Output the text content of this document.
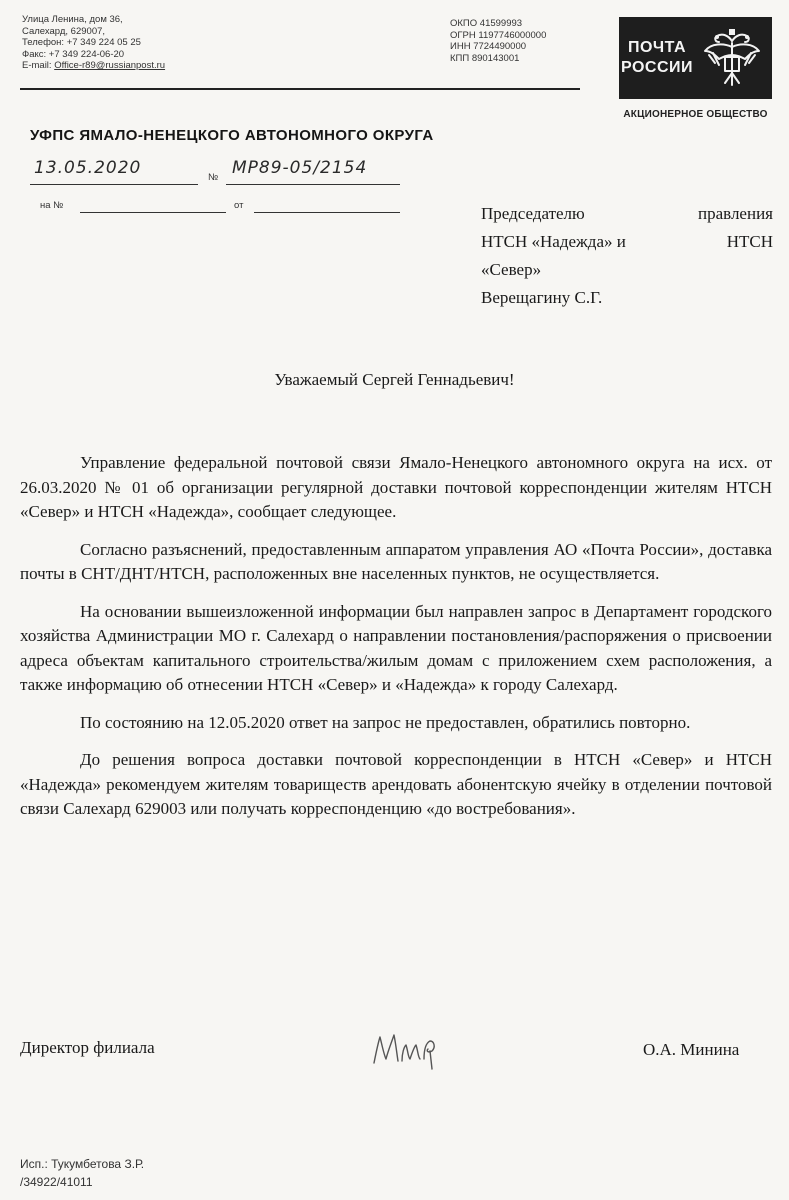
Улица Ленина, дом 36,
Салехард, 629007,
Телефон: +7 349 224 05 25
Факс: +7 349 224-06-20
E-mail: Office-r89@russianpost.ru
ОКПО 41599993
ОГРН 1197746000000
ИНН 7724490000
КПП 890143001
ПОЧТА
РОССИИ
АКЦИОНЕРНОЕ ОБЩЕСТВО
УФПС ЯМАЛО-НЕНЕЦКОГО АВТОНОМНОГО ОКРУГА
13.05.2020	№ МР89-05/2154
на №	от	Председателю	правления
НТСН «Надежда» и	НТСН
«Север»
Верещагину С.Г.
Уважаемый Сергей Геннадьевич!

Управление федеральной почтовой связи Ямало-Ненецкого автономного округа на исх. от 26.03.2020 № 01 об организации регулярной доставки почтовой корреспонденции жителям НТСН «Север» и НТСН «Надежда», сообщает следующее.

Согласно разъяснений, предоставленным аппаратом управления АО «Почта России», доставка почты в СНТ/ДНТ/НТСН, расположенных вне населенных пунктов, не осуществляется.

На основании вышеизложенной информации был направлен запрос в Департамент городского хозяйства Администрации МО г. Салехард о направлении постановления/распоряжения о присвоении адреса объектам капитального строительства/жилым домам с приложением схем расположения, а также информацию об отнесении НТСН «Север» и «Надежда» к городу Салехард.

По состоянию на 12.05.2020 ответ на запрос не предоставлен, обратились повторно.

До решения вопроса доставки почтовой корреспонденции в НТСН «Север» и НТСН «Надежда» рекомендуем жителям товариществ арендовать абонентскую ячейку в отделении почтовой связи Салехард 629003 или получать корреспонденцию «до востребования».

Директор филиала	О.А. Минина
Исп.: Тукумбетова З.Р.
/34922/41011
